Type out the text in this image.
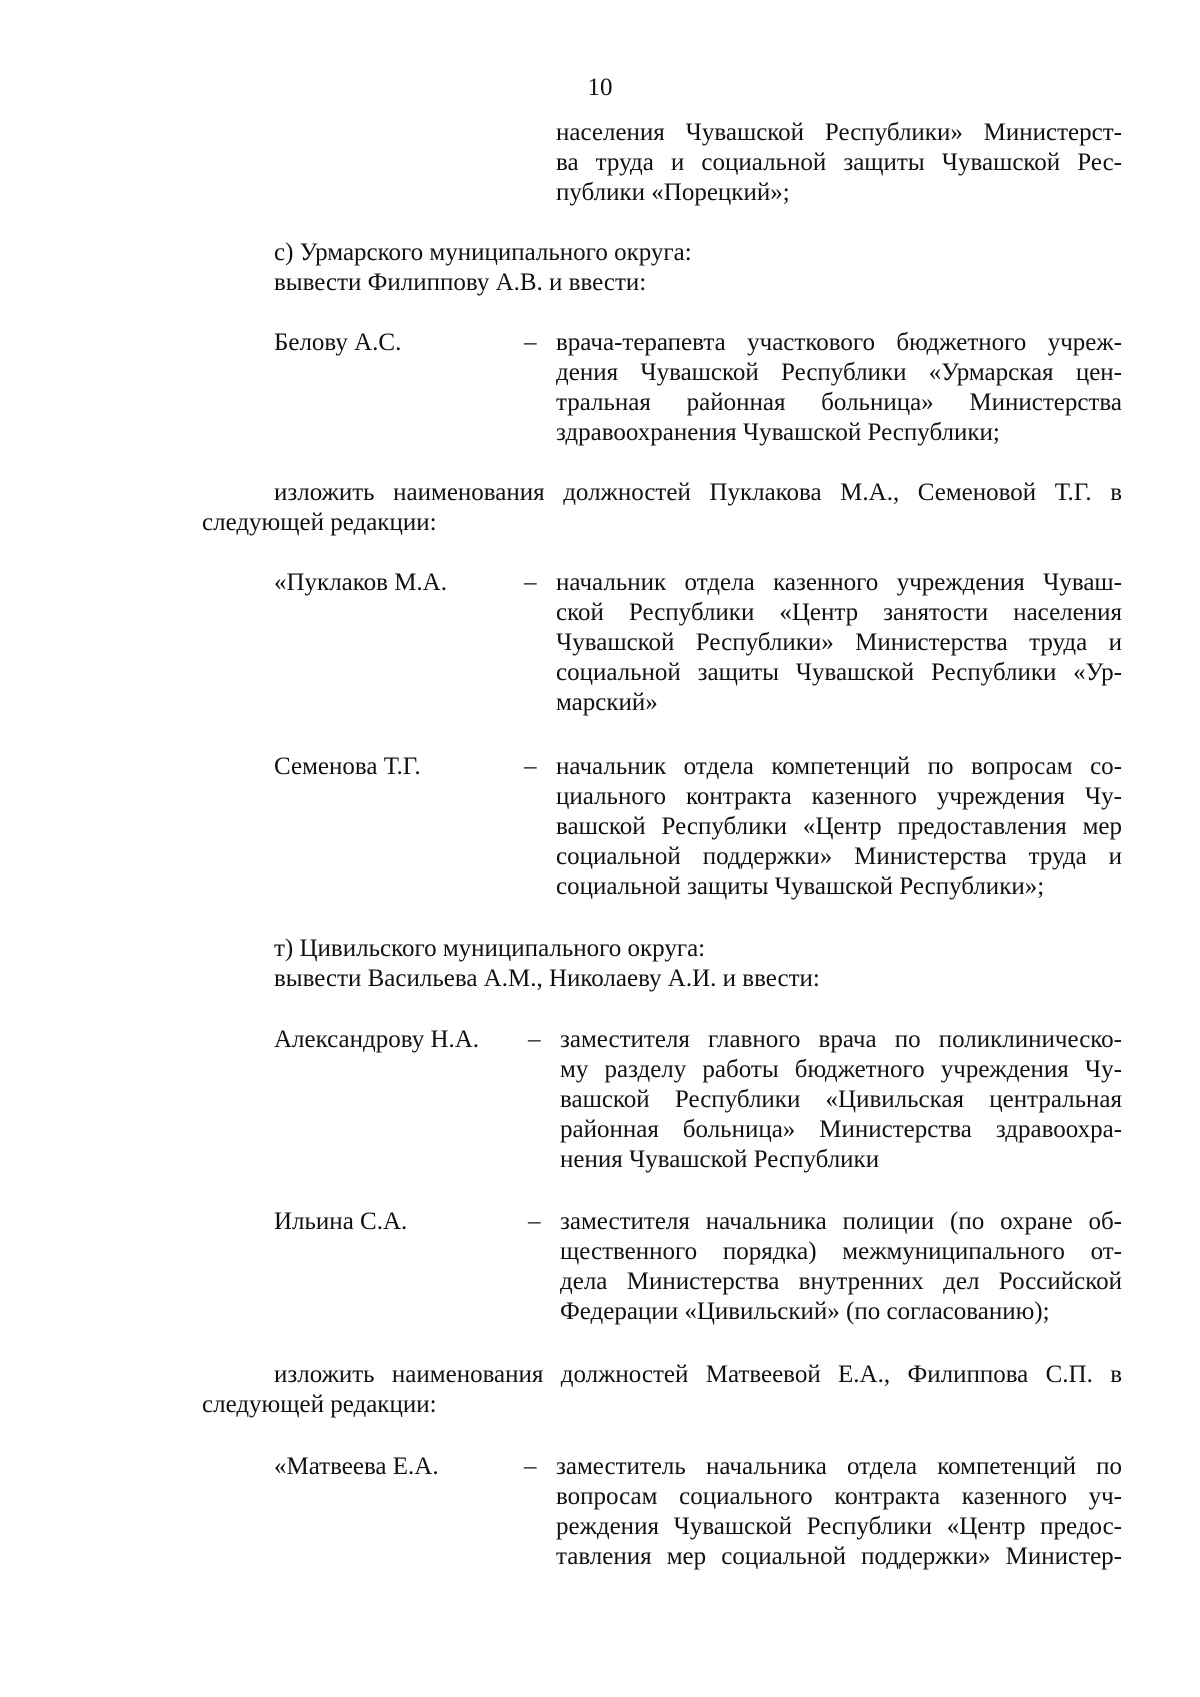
10
населения Чувашской Республики» Министерст-
ва труда и социальной защиты Чувашской Рес-
публики «Порецкий»;
с) Урмарского муниципального округа:
вывести Филиппову А.В. и ввести:
Белову А.С.	– врача-терапевта участкового бюджетного учреж-
дения Чувашской Республики «Урмарская цен-
тральная районная больница» Министерства
здравоохранения Чувашской Республики;
изложить наименования должностей Пуклакова М.А., Семеновой Т.Г. в
следующей редакции:
«Пуклаков М.А.	– начальник отдела казенного учреждения Чуваш-
ской Республики «Центр занятости населения
Чувашской Республики» Министерства труда и
социальной защиты Чувашской Республики «Ур-
марский»
Семенова Т.Г.	– начальник отдела компетенций по вопросам со-
циального контракта казенного учреждения Чу-
вашской Республики «Центр предоставления мер
социальной поддержки» Министерства труда и
социальной защиты Чувашской Республики»;
т) Цивильского муниципального округа:
вывести Васильева А.М., Николаеву А.И. и ввести:
Александрову Н.А. – заместителя главного врача по поликлиническо-
му разделу работы бюджетного учреждения Чу-
вашской Республики «Цивильская центральная
районная больница» Министерства здравоохра-
нения Чувашской Республики
Ильина С.А.	– заместителя начальника полиции (по охране об-
щественного порядка) межмуниципального от-
дела Министерства внутренних дел Российской
Федерации «Цивильский» (по согласованию);
изложить наименования должностей Матвеевой Е.А., Филиппова С.П. в
следующей редакции:
«Матвеева Е.А.	– заместитель начальника отдела компетенций по
вопросам социального контракта казенного уч-
реждения Чувашской Республики «Центр предос-
тавления мер социальной поддержки» Министер-
